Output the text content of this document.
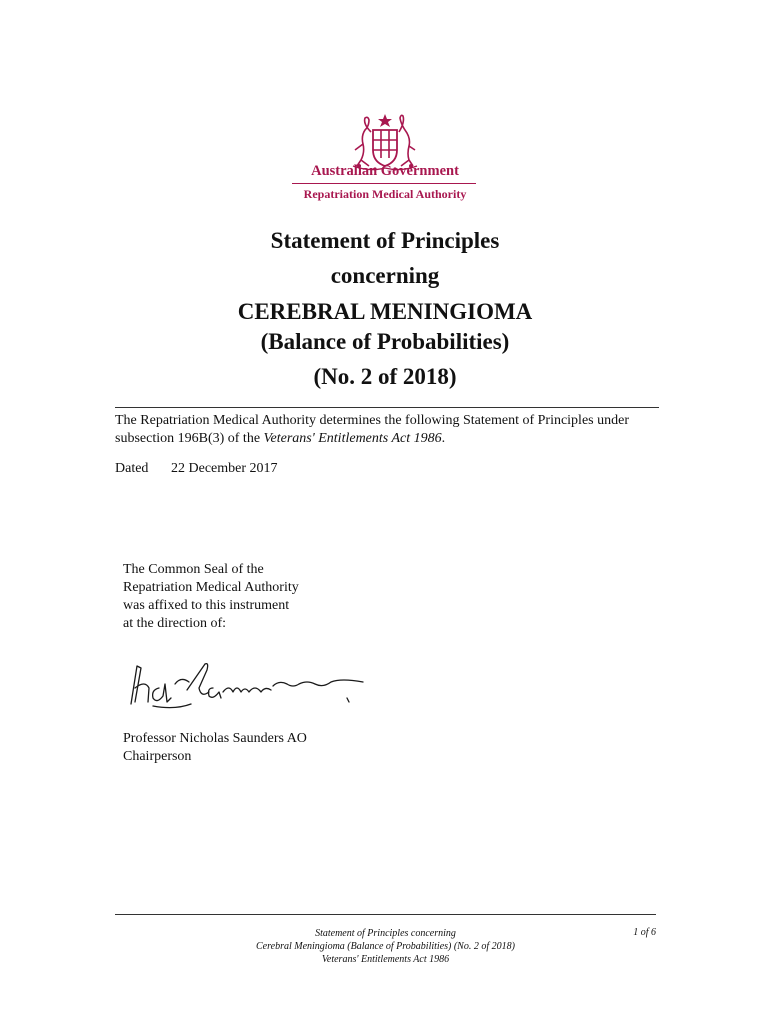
Australian Government
Repatriation Medical Authority
Statement of Principles
concerning
CEREBRAL MENINGIOMA
(Balance of Probabilities)
(No. 2 of 2018)
The Repatriation Medical Authority determines the following Statement of Principles under subsection 196B(3) of the Veterans' Entitlements Act 1986.
Dated 22 December 2017
The Common Seal of the
Repatriation Medical Authority
was affixed to this instrument
at the direction of:
Professor Nicholas Saunders AO
Chairperson
Statement of Principles concerning
Cerebral Meningioma (Balance of Probabilities) (No. 2 of 2018)
Veterans' Entitlements Act 1986
1 of 6
